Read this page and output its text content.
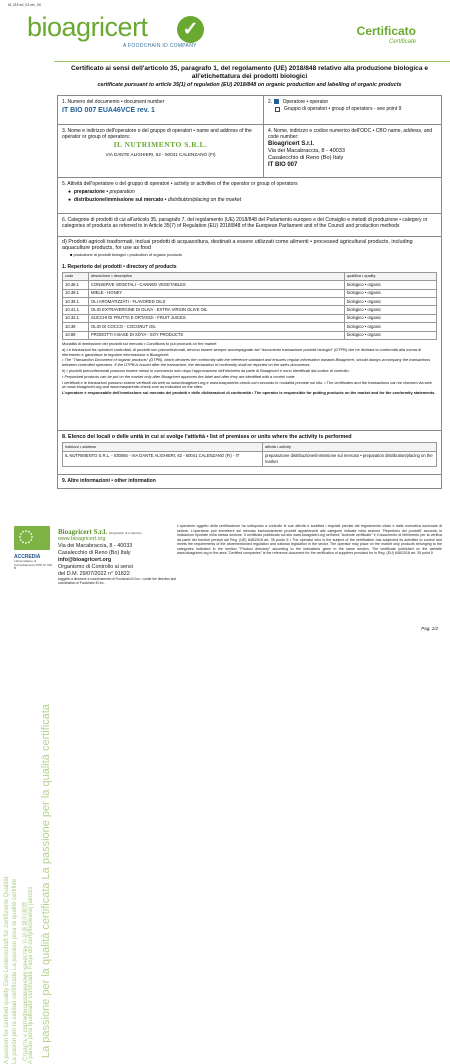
M_118 ed_03 rev_06
bioagricert ✓
A FOODCHAIN ID COMPANY
Certificato
Certificate
La passione per la qualità certificata La passione per la qualità certificata
A passion for certified quality Eine Leidenschaft für zertifizierte Qualität La pasión por la calidad certificada La passion pour la qualité certifiée Страсть к сертифицированному качеству 认证质量的激情 A paixão pela qualidade certificada Pasja do certyfikowanej jakości
Certificato ai sensi dell'articolo 35, paragrafo 1, del regolamento (UE) 2018/848 relativo alla produzione biologica e all'etichettatura dei prodotti biologici
certificate pursuant to article 35(1) of regulation (EU) 2018/848 on organic production and labelling of organic products
1. Numero del documento • document number
IT BIO 007 EUA46VCE rev. 1
2. Operatore • operator
Gruppo di operatori • group of operators - see point 9
3. Nome e indirizzo dell'operatore o del gruppo di operatori • name and address of the operator or group of operators:
IL NUTRIMENTO S.R.L.
VIA DANTE ALIGHIERI, 62 - 50041 CALENZANO (FI)
4. Nome, indirizzo e codice numerico dell'ODC • CBO name, address, and code number:
Bioagricert S.r.l.
Via dei Macabraccia, 8 - 40033
Casalecchio di Reno (Bo) Italy
IT BIO 007
5. Attività dell'operatore o del gruppo di operatori • activity or activities of the operator or group of operators
●  preparazione • preparation
●  distribuzione/immissione sul mercato • distribution/placing on the market
6. Categorie di prodotti di cui all'articolo 35, paragrafo 7, del regolamento (UE) 2018/848 del Parlamento europeo e del Consiglio e metodi di produzione • category or categories of products as referred to in Article 35(7) of Regulation (EU) 2018/848 of the European Parliament and of the Council and production methods
d) Prodotti agricoli trasformati, inclusi prodotti di acquacoltura, destinati a essere utilizzati come alimenti • processed agricultural products, including aquaculture products, for use as food
■ produzione di prodotti biologici • production of organic products
1. Repertorio dei prodotti • directory of products
code	descrizione • description	qualifica • quality
10.38.1	CONSERVE VEGETALI - CANNED VEGETABLES	biologico • organic
10.39.1	MIELE - HONEY	biologico • organic
10.39.1	OLI AROMATIZZATI - FLAVORED OILS	biologico • organic
10.41.1	OLIO EXTRAVERGINE DI OLIVA - EXTRA VIRGIN OLIVE OIL	biologico • organic
10.32.1	SUCCHI DI FRUTTA E ORTAGGI - FRUIT JUICES	biologico • organic
10.39	OLIO DI COCCO - COCONUT OIL	biologico • organic
10.89	PRODOTTI A BASE DI SOYA - SOY PRODUCTS	biologico • organic
Modalità di immissione dei prodotti sul mercato • Conditions to put products on the market
a) Le transazioni fra operatori controllati, di prodotti non preconfezionati, devono essere sempre accompagnate dal "documento transazione prodotti biologici" (DTPB) che ne dichiara la conformità alla norma di riferimento e garantisce la regolare informazione a Bioagricert.
• The "Transaction Document of organic products" (DTPB), which declares the conformity with the reference standard and ensures regular information towards Bioagricert, should always accompany the transactions between controlled operators. If the DTPB is issued after the transaction, the declaration of conformity shall be reported on the sales documents.
b) I prodotti preconfezionati possono essere messi in commercio solo dopo l'approvazione dell'etichetta da parte di Bioagricert e sono identificati dal codice di controllo.
• Prepacked products can be put on the market only after Bioagricert approves the label and after they are identified with a control code.
I certificati e le transazioni possono essere verificati via web su www.bioagricert.org e www.trasparente-check.com secondo le modalità previste sul sito. • The certificates and the transactions can be checked via web on www.bioagricert.org and www.trasparente-check.com as indicated on the sites.
L'operatore è responsabile dell'immissione sul mercato dei prodotti e delle dichiarazioni di conformità • The operator is responsible for putting products on the market and for the conformity statements.
8. Elenco dei locali o delle unità in cui si svolge l'attività • list of premises or units where the activity is performed
indirizzo • address	attività • activity
IL NUTRIMENTO S.R.L. - 030065 - VIA DANTE ALIGHIERI, 62 - 50041 CALENZANO (FI) - IT	preparazione distribuzione/immissione sul mercato • preparation distribution/placing on the market
9. Altre informazioni • other information
ACCREDIA
L'Ente Italiano di Accreditamento PRD N° 030 B
Bioagricert S.r.l. (Organismo di Controllo)
www.bioagricert.org
Via dei Macabraccia, 8 - 40033
Casalecchio di Reno (Bo) Italy
info@bioagricert.org
Organismo di Controllo ai sensi
del D.M. 29/07/2022 n° 91822
soggetto a direzione e coordinamento di Foodchain ID Inc. • under the direction and coordination of Foodchain ID Inc.
L'operatore oggetto della certificazione ha sottoposto a controllo le sue attività e soddisfa i requisiti previsti dal regolamento citato e dalla normativa nazionale di settore. L'operatore può immettere sul mercato esclusivamente prodotti appartenenti alle categorie indicate nella sezione "Repertorio dei prodotti" secondo le indicazioni riportate nella stessa sezione. Il certificato pubblicato sul sito www.bioagricert.org nell'area "Aziende certificate" è il documento di riferimento per la verifica da parte dei fornitori previsti dal Reg. (UE) 848/2018 art. 35 punto 5 • The operator who is the subject of the certification has subjected its activities to control and meets the requirements of the aforementioned regulation and national legislation in the sector. The operator may place on the market only products belonging to the categories indicated in the section "Product directory" according to the indications given in the same section. The certificate published on the website www.bioagricert.org in the area "Certified companies" is the reference document for the verification of suppliers provided for in Reg. (EU) 848/2018 art. 35 point 5
Pag. 1/2
